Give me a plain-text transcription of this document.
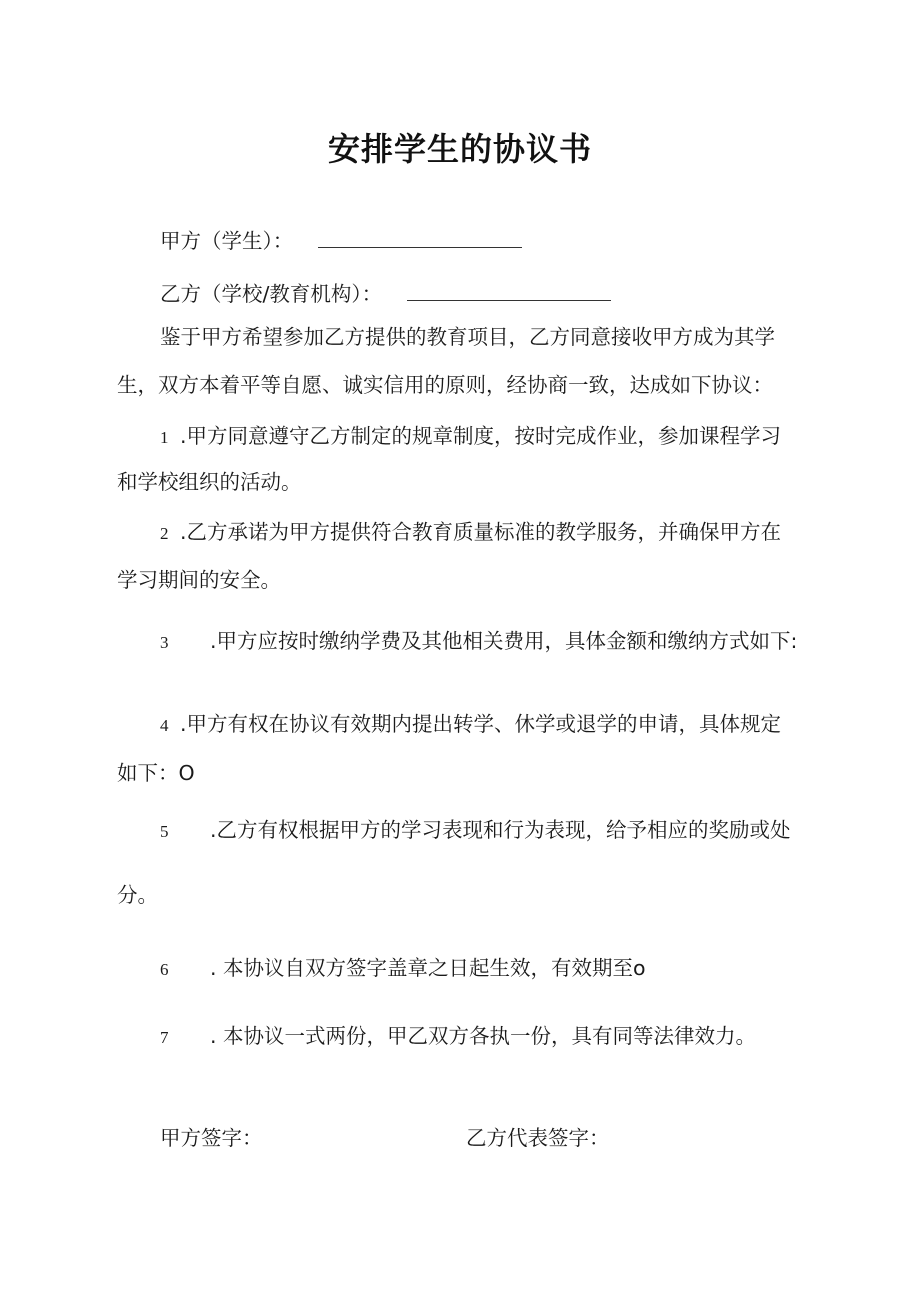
安排学生的协议书
甲方（学生）：
乙方（学校/教育机构）：
鉴于甲方希望参加乙方提供的教育项目，乙方同意接收甲方成为其学
生，双方本着平等自愿、诚实信用的原则，经协商一致，达成如下协议：
1 .甲方同意遵守乙方制定的规章制度，按时完成作业，参加课程学习
和学校组织的活动。
2 .乙方承诺为甲方提供符合教育质量标准的教学服务，并确保甲方在
学习期间的安全。
3 .甲方应按时缴纳学费及其他相关费用，具体金额和缴纳方式如下:
4 .甲方有权在协议有效期内提出转学、休学或退学的申请，具体规定
如下：O
5 .乙方有权根据甲方的学习表现和行为表现，给予相应的奖励或处
分。
6 . 本协议自双方签字盖章之日起生效，有效期至o
7 . 本协议一式两份，甲乙双方各执一份，具有同等法律效力。
甲方签字：	乙方代表签字：
